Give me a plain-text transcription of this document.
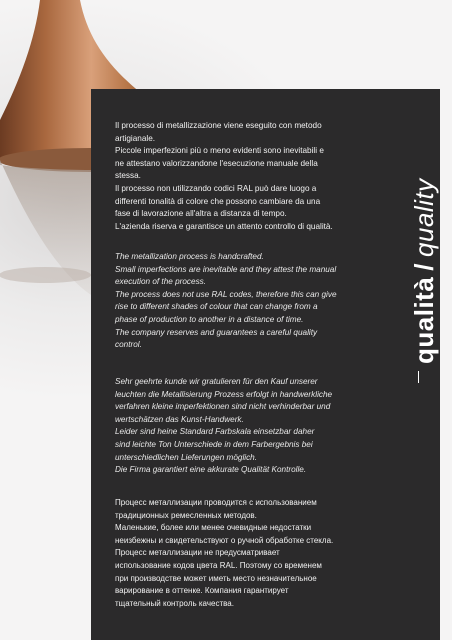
Il processo di metallizzazione viene eseguito con metodo
artigianale.
Piccole imperfezioni più o meno evidenti sono inevitabili e
ne attestano valorizzandone l'esecuzione manuale della
stessa.
Il processo non utilizzando codici RAL può dare luogo a
differenti tonalità di colore che possono cambiare da una
fase di lavorazione all'altra a distanza di tempo.
L'azienda riserva e garantisce un attento controllo di qualità.

The metallization process is handcrafted.
Small imperfections are inevitable and they attest the manual
execution of the process.
The process does not use RAL codes, therefore this can give
rise to different shades of colour that can change from a
phase of production to another in a distance of time.
The company reserves and guarantees a careful quality
control.

Sehr geehrte kunde wir gratulieren für den Kauf unserer
leuchten die Metallisierung Prozess erfolgt in handwerkliche
verfahren kleine imperfektionen sind nicht verhinderbar und
wertschätzen das Kunst-Handwerk.
Leider sind heine Standard Farbskala einsetzbar daher
sind leichte Ton Unterschiede in dem Farbergebnis bei
unterschiedlichen Lieferungen möglich.
Die Firma garantiert eine akkurate Qualität Kontrolle.

Процесс металлизации проводится с использованием
традиционных ремесленных методов.
Маленькие, более или менее очевидные недостатки
неизбежны и свидетельствуют о ручной обработке стекла.
Процесс металлизации не предусматривает
использование кодов цвета RAL. Поэтому со временем
при производстве может иметь место незначительное
варирование в оттенке. Компания гарантирует
тщательный контроль качества.

qualità/quality
